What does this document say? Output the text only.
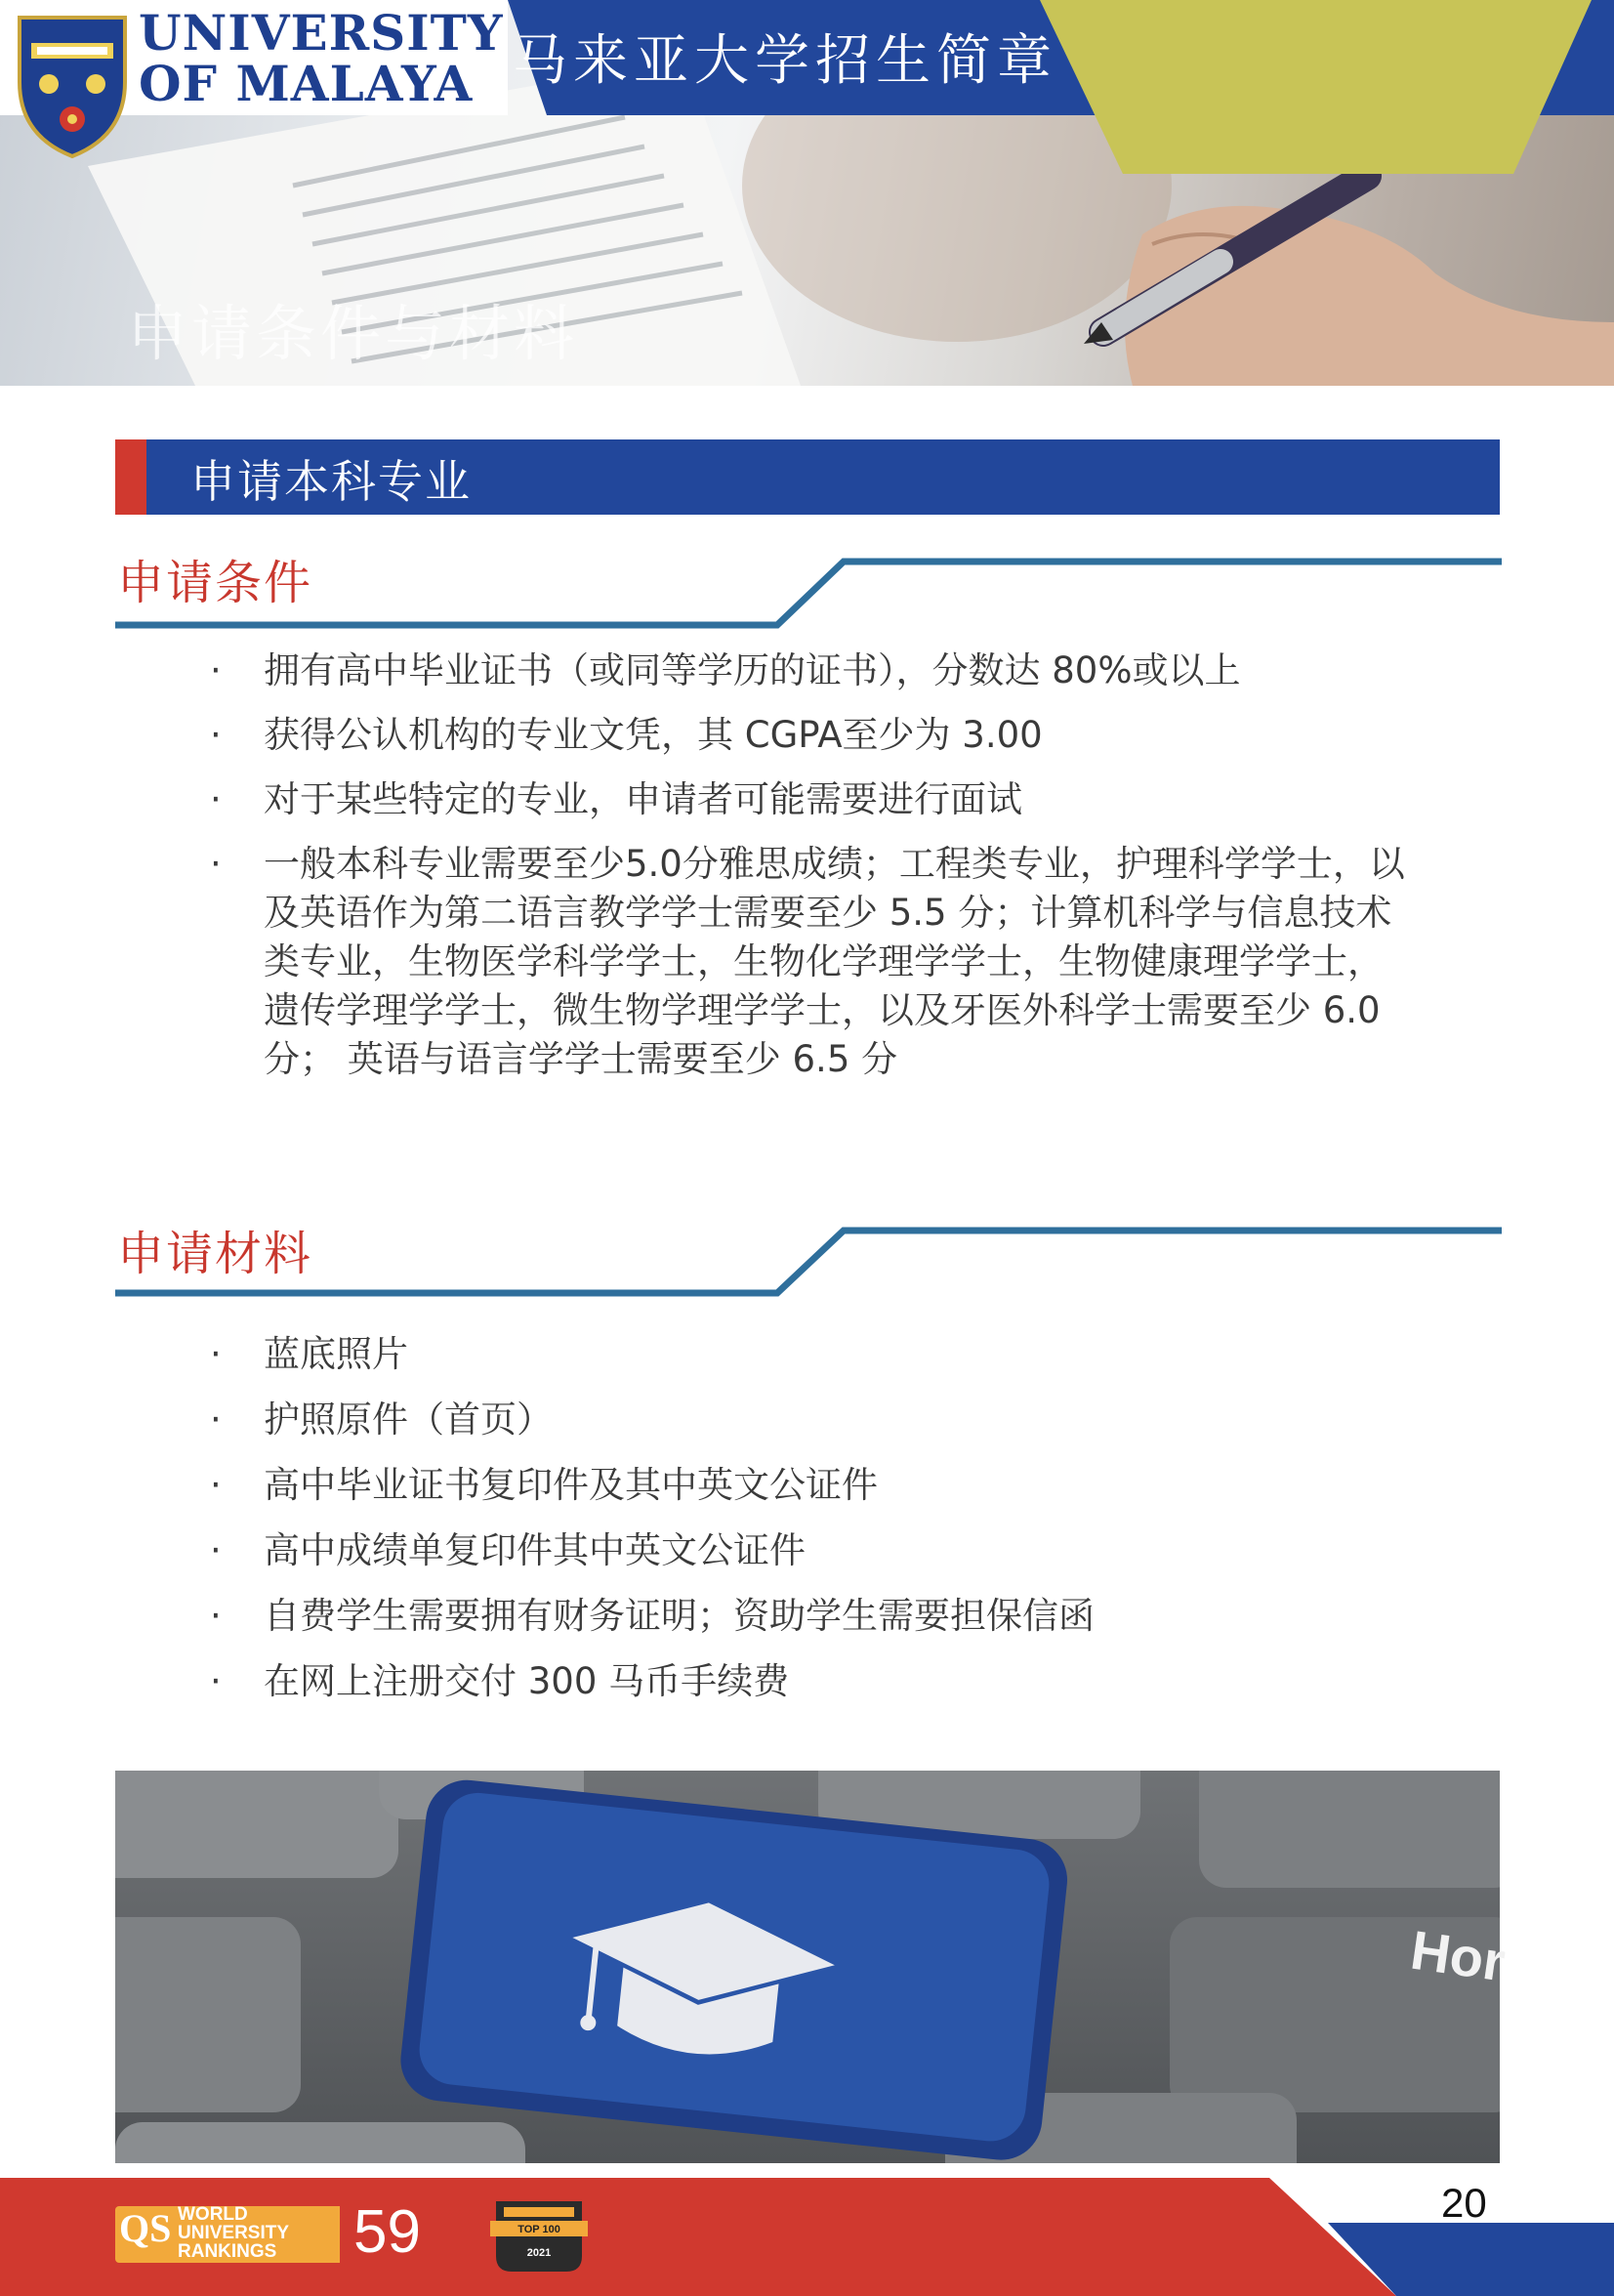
UNIVERSITY
OF MALAYA 马来亚大学招生简章
申请条件与材料
申请本科专业
申请条件
· 拥有高中毕业证书（或同等学历的证书），分数达 80%或以上
· 获得公认机构的专业文凭，其 CGPA至少为 3.00
· 对于某些特定的专业，申请者可能需要进行面试
· 一般本科专业需要至少5.0分雅思成绩；工程类专业，护理科学学士，以及英语作为第二语言教学学士需要至少 5.5 分；计算机科学与信息技术类专业，生物医学科学学士，生物化学理学学士，生物健康理学学士，遗传学理学学士，微生物学理学学士，以及牙医外科学士需要至少 6.0 分； 英语与语言学学士需要至少 6.5 分
申请材料
· 蓝底照片
· 护照原件（首页）
· 高中毕业证书复印件及其中英文公证件
· 高中成绩单复印件其中英文公证件
· 自费学生需要拥有财务证明；资助学生需要担保信函
· 在网上注册交付 300 马币手续费
Hor
QS WORLD
UNIVERSITY
RANKINGS 59	TOP 100
2021
20
